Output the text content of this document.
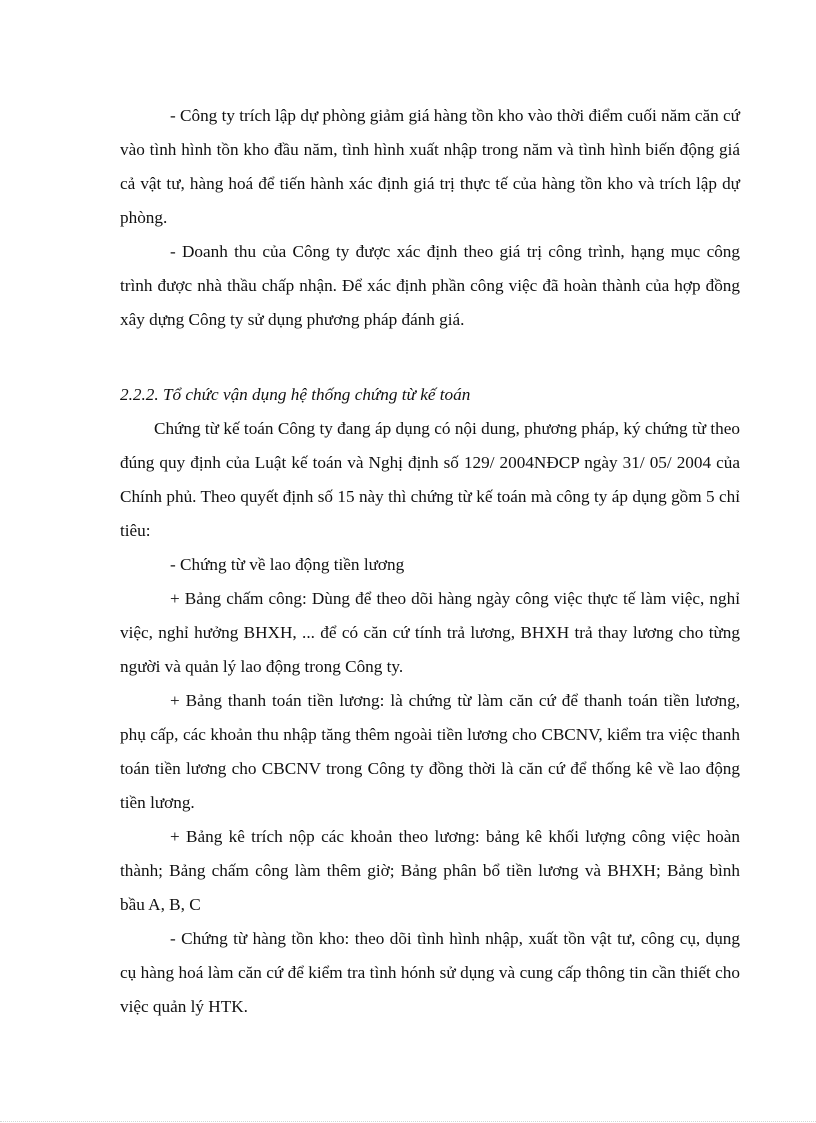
- Công ty trích lập dự phòng giảm giá hàng tồn kho vào thời điểm cuối năm căn cứ vào tình hình tồn kho đầu năm, tình hình xuất nhập trong năm và tình hình biến động giá cả vật tư, hàng hoá để tiến hành xác định giá trị thực tế của hàng tồn kho và trích lập dự phòng.

- Doanh thu của Công ty được xác định theo giá trị công trình, hạng mục công trình được nhà thầu chấp nhận. Để xác định phần công việc đã hoàn thành của hợp đồng xây dựng Công ty sử dụng phương pháp đánh giá.

2.2.2. Tổ chức vận dụng hệ thống chứng từ kế toán

Chứng từ kế toán Công ty đang áp dụng có nội dung, phương pháp, ký chứng từ theo đúng quy định của Luật kế toán và Nghị định số 129/ 2004NĐCP ngày 31/ 05/ 2004 của Chính phủ. Theo quyết định số 15 này thì chứng từ kế toán mà công ty áp dụng gồm 5 chỉ tiêu:

- Chứng từ về lao động tiền lương

+ Bảng chấm công: Dùng để theo dõi hàng ngày công việc thực tế làm việc, nghỉ việc, nghỉ hưởng BHXH, ... để có căn cứ tính trả lương, BHXH trả thay lương cho từng người và quản lý lao động trong Công ty.

+ Bảng thanh toán tiền lương: là chứng từ làm căn cứ để thanh toán tiền lương, phụ cấp, các khoản thu nhập tăng thêm ngoài tiền lương cho CBCNV, kiểm tra việc thanh toán tiền lương cho CBCNV trong Công ty đồng thời là căn cứ để thống kê về lao động tiền lương.

+ Bảng kê trích nộp các khoản theo lương: bảng kê khối lượng công việc hoàn thành; Bảng chấm công làm thêm giờ; Bảng phân bổ tiền lương và BHXH; Bảng bình bầu A, B, C

- Chứng từ hàng tồn kho: theo dõi tình hình nhập, xuất tồn vật tư, công cụ, dụng cụ hàng hoá làm căn cứ để kiểm tra tình hónh sử dụng và cung cấp thông tin cần thiết cho việc quản lý HTK.
